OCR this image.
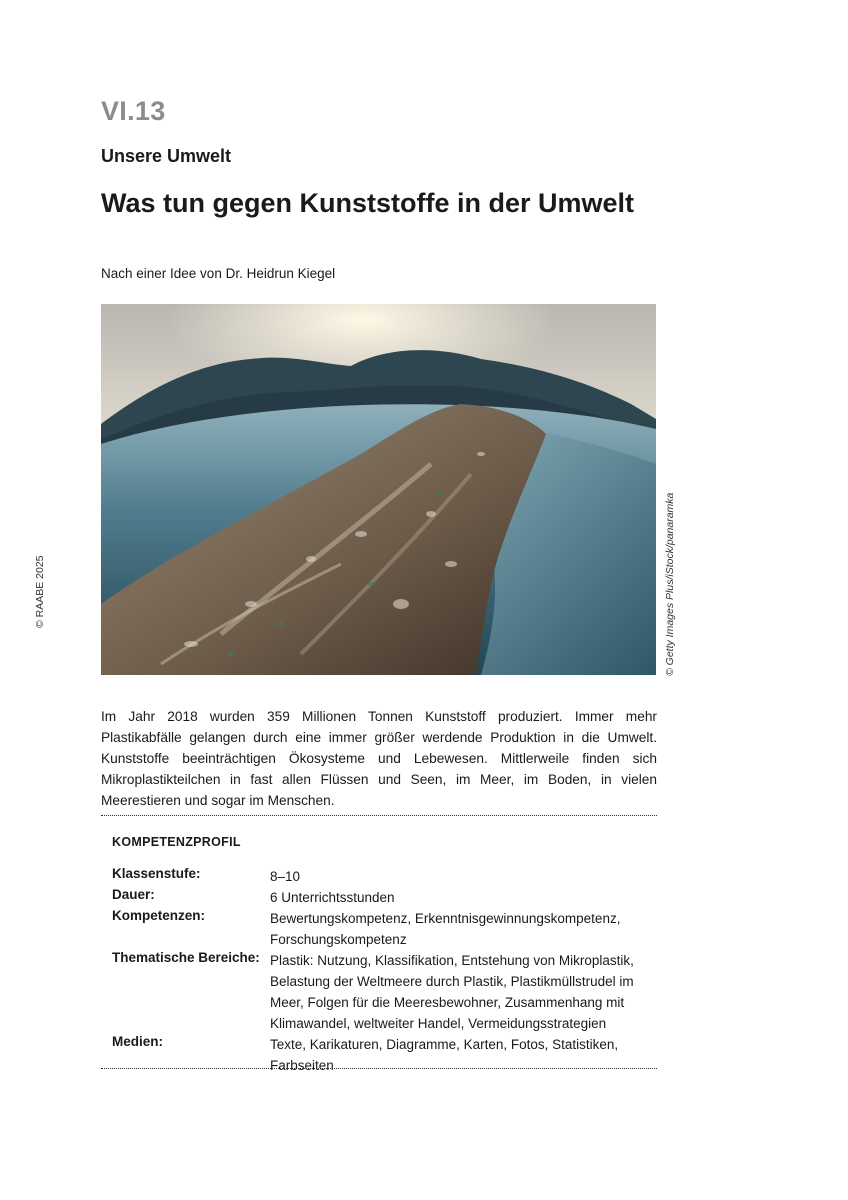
VI.13
Unsere Umwelt
Was tun gegen Kunststoffe in der Umwelt
Nach einer Idee von Dr. Heidrun Kiegel
© RAABE 2025	© Getty Images Plus/iStock/panaramka

Im Jahr 2018 wurden 359 Millionen Tonnen Kunststoff produziert. Immer mehr Plastikabfälle gelangen durch eine immer größer werdende Produktion in die Umwelt. Kunststoffe beeinträchtigen Ökosysteme und Lebewesen. Mittlerweile finden sich Mikroplastikteilchen in fast allen Flüssen und Seen, im Meer, im Boden, in vielen Meerestieren und sogar im Menschen.

KOMPETENZPROFIL
Klassenstufe:	8–10
Dauer:	6 Unterrichtsstunden
Kompetenzen:	Bewertungskompetenz, Erkenntnisgewinnungskompetenz, Forschungskompetenz
Thematische Bereiche: Plastik: Nutzung, Klassifikation, Entstehung von Mikroplastik, Belastung der Weltmeere durch Plastik, Plastikmüllstrudel im Meer, Folgen für die Meeresbewohner, Zusammenhang mit Klimawandel, weltweiter Handel, Vermeidungsstrategien
Medien:	Texte, Karikaturen, Diagramme, Karten, Fotos, Statistiken, Farbseiten
